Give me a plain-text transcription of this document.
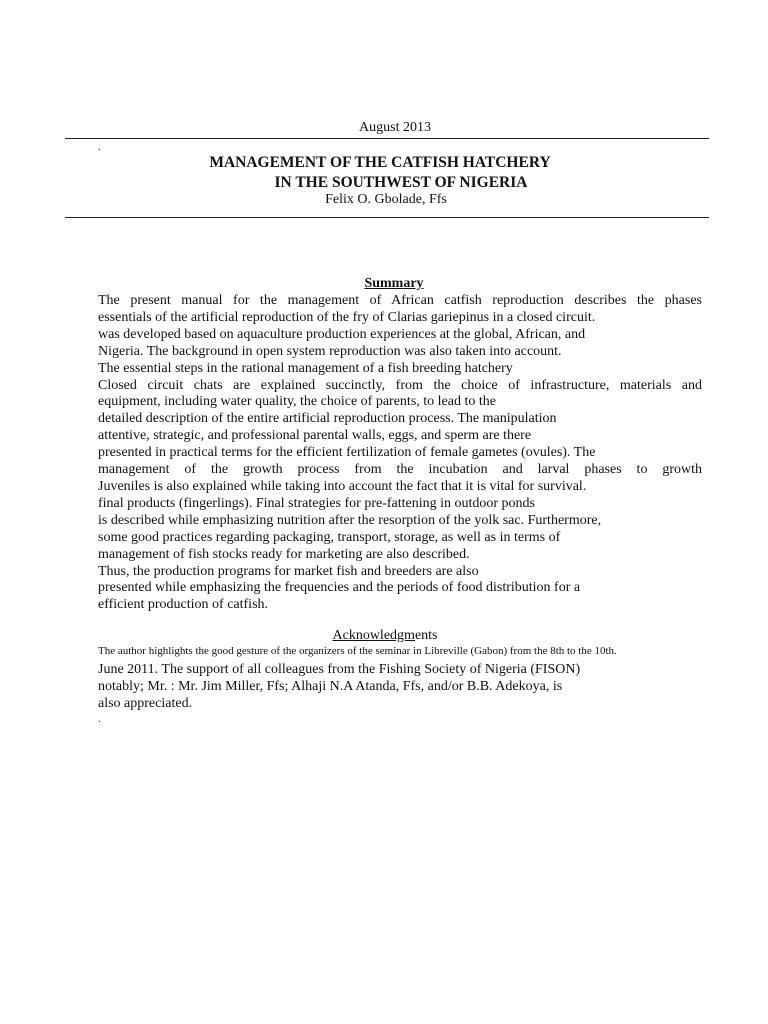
August 2013
.
MANAGEMENT OF THE CATFISH HATCHERY
IN THE SOUTHWEST OF NIGERIA
Felix O. Gbolade, Ffs
Summary
The present manual for the management of African catfish reproduction describes the phases
essentials of the artificial reproduction of the fry of Clarias gariepinus in a closed circuit.
was developed based on aquaculture production experiences at the global, African, and
Nigeria. The background in open system reproduction was also taken into account.
The essential steps in the rational management of a fish breeding hatchery
Closed circuit chats are explained succinctly, from the choice of infrastructure, materials and
equipment, including water quality, the choice of parents, to lead to the
detailed description of the entire artificial reproduction process. The manipulation
attentive, strategic, and professional parental walls, eggs, and sperm are there
presented in practical terms for the efficient fertilization of female gametes (ovules). The
management of the growth process from the incubation and larval phases to growth
Juveniles is also explained while taking into account the fact that it is vital for survival.
final products (fingerlings). Final strategies for pre-fattening in outdoor ponds
is described while emphasizing nutrition after the resorption of the yolk sac. Furthermore,
some good practices regarding packaging, transport, storage, as well as in terms of
management of fish stocks ready for marketing are also described.
Thus, the production programs for market fish and breeders are also
presented while emphasizing the frequencies and the periods of food distribution for a
efficient production of catfish.
Acknowledgments
The author highlights the good gesture of the organizers of the seminar in Libreville (Gabon) from the 8th to the 10th.
June 2011. The support of all colleagues from the Fishing Society of Nigeria (FISON)
notably; Mr. : Mr. Jim Miller, Ffs; Alhaji N.A Atanda, Ffs, and/or B.B. Adekoya, is
also appreciated.
.
